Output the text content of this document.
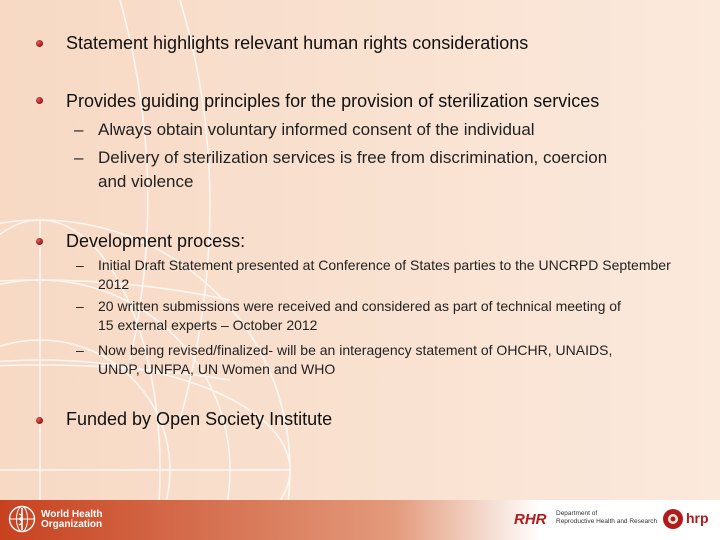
Statement highlights relevant human rights considerations
Provides guiding principles for the provision of sterilization services
– Always obtain voluntary informed consent of the individual
– Delivery of sterilization services is free from discrimination, coercion and violence
Development process:
– Initial Draft Statement presented at Conference of States parties to the UNCRPD September 2012
– 20 written submissions were received and considered as part of technical meeting of 15 external experts – October 2012
– Now being revised/finalized- will be an interagency statement of OHCHR, UNAIDS, UNDP, UNFPA, UN Women and WHO
Funded by Open Society Institute
World Health
Organization	RHR Department of
Reproductive Health and Research hrp
